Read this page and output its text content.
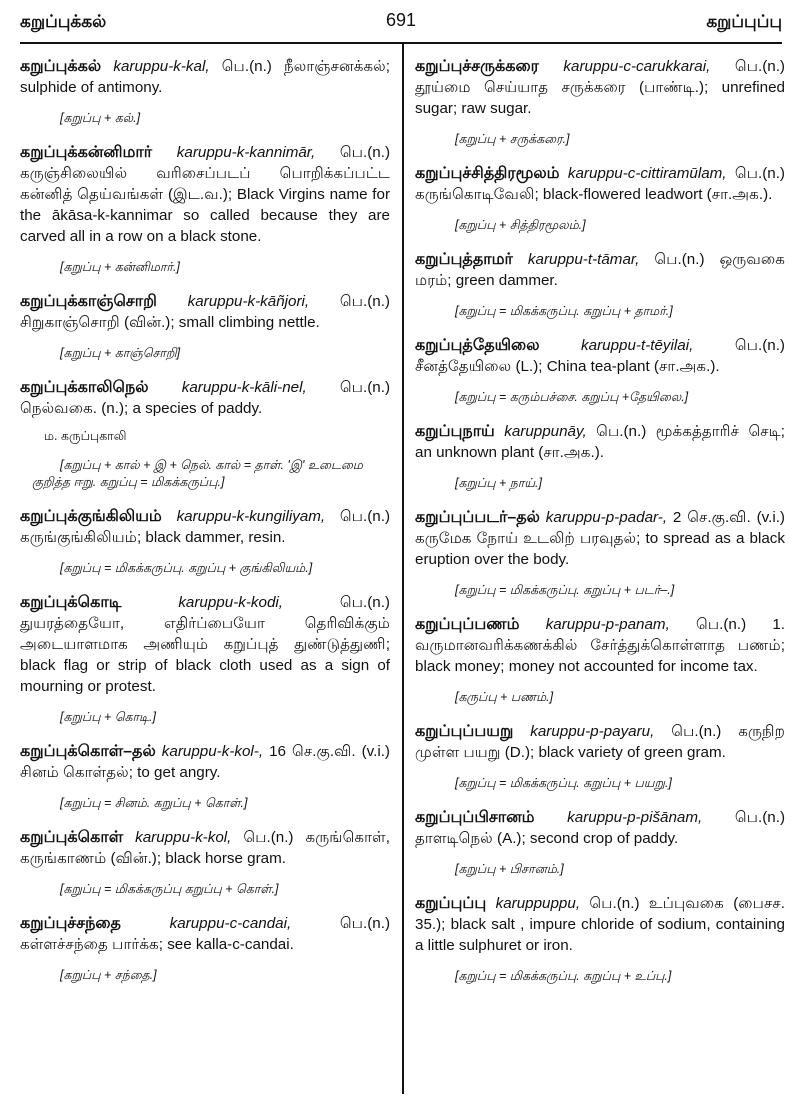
கறுப்புக்கல்	691	கறுப்புப்பு

கறுப்புக்கல் karuppu-k-kal, பெ.(n.) நீலாஞ்சனக்கல்; sulphide of antimony.

[கறுப்பு + கல்.]

கறுப்புக்கன்னிமார் karuppu-k-kannimār, பெ.(n.) கருஞ்சிலையில் வரிசைப்படப் பொறிக்கப்பட்ட கன்னித் தெய்வங்கள் (இட.வ.); Black Virgins name for the ākāsa-k-kannimar so called because they are carved all in a row on a black stone.

[கறுப்பு + கன்னிமார்.]

கறுப்புக்காஞ்சொறி karuppu-k-kāñjori, பெ.(n.) சிறுகாஞ்சொறி (வின்.); small climbing nettle.

[கறுப்பு + காஞ்சொறி]

கறுப்புக்காலிநெல் karuppu-k-kāli-nel, பெ.(n.) நெல்வகை. (n.); a species of paddy.

ம. கருப்புகாலி
[கறுப்பு + கால் + இ + நெல். கால் = தாள். 'இ' உடைமை
குறித்த ஈறு. கறுப்பு = மிகக்கருப்பு.]

கறுப்புக்குங்கிலியம் karuppu-k-kungiliyam, பெ.(n.) கருங்குங்கிலியம்; black dammer, resin.

[கறுப்பு = மிகக்கருப்பு. கறுப்பு + குங்கிலியம்.]

கறுப்புக்கொடி	karuppu-k-kodi, பெ.(n.) துயரத்தையோ, எதிர்ப்பையோ தெரிவிக்கும் அடையாளமாக அணியும் கறுப்புத் துண்டுத்துணி; black flag or strip of black cloth used as a sign of mourning or protest.

[கறுப்பு + கொடி.]

கறுப்புக்கொள்–தல் karuppu-k-kol-, 16 செ.கு.வி. (v.i.) சினம் கொள்தல்; to get angry.

[கறுப்பு = சினம். கறுப்பு + கொள்.]

கறுப்புக்கொள் karuppu-k-kol, பெ.(n.) கருங்கொள், கருங்காணம் (வின்.); black horse gram.

[கறுப்பு = மிகக்கருப்பு கறுப்பு + கொள்.]

கறுப்புச்சந்தை	karuppu-c-candai, பெ.(n.) கள்ளச்சந்தை பார்க்க; see kalla-c-candai.

[கறுப்பு + சந்தை.]

கறுப்புச்சருக்கரை karuppu-c-carukkarai, பெ.(n.) தூய்மை செய்யாத சருக்கரை (பாண்டி.); unrefined sugar; raw sugar.

[கறுப்பு + சருக்கரை.]

கறுப்புச்சித்திரமூலம் karuppu-c-cittiramūlam, பெ.(n.) கருங்கொடிவேலி; black-flowered leadwort (சா.அக.).

[கறுப்பு + சித்திரமூலம்.]

கறுப்புத்தாமர் karuppu-t-tāmar, பெ.(n.) ஒருவகை மரம்; green dammer.

[கறுப்பு = மிகக்கருப்பு. கறுப்பு + தாமர்.]

கறுப்புத்தேயிலை	karuppu-t-tēyilai, பெ.(n.) சீனத்தேயிலை (L.); China tea-plant (சா.அக.).

[கறுப்பு = கரும்பச்சை. கறுப்பு +தேயிலை.]

கறுப்புநாய் karuppunāy, பெ.(n.) மூக்கத்தாரிச் செடி; an unknown plant (சா.அக.).

[கறுப்பு + நாய்.]

கறுப்புப்படர்–தல் karuppu-p-padar-, 2 செ.கு.வி. (v.i.) கருமேக நோய் உடலிற் பரவுதல்; to spread as a black eruption over the body.

[கறுப்பு = மிகக்கருப்பு. கறுப்பு + படர்–.]

கறுப்புப்பணம் karuppu-p-panam, பெ.(n.) 1. வருமானவரிக்கணக்கில் சேர்த்துக்கொள்ளாத பணம்; black money; money not accounted for income tax.

[கருப்பு + பணம்.]

கறுப்புப்பயறு karuppu-p-payaru, பெ.(n.) கருநிற முள்ள பயறு (D.); black variety of green gram.

[கறுப்பு = மிகக்கருப்பு. கறுப்பு + பயறு.]

கறுப்புப்பிசானம் karuppu-p-pišānam, பெ.(n.) தாளடிநெல் (A.); second crop of paddy.

[கறுப்பு + பிசானம்.]

கறுப்புப்பு karuppuppu, பெ.(n.) உப்புவகை (பைசச. 35.); black salt , impure chloride of sodium, containing a little sulphuret or iron.

[கறுப்பு = மிகக்கருப்பு. கறுப்பு + உப்பு.]
